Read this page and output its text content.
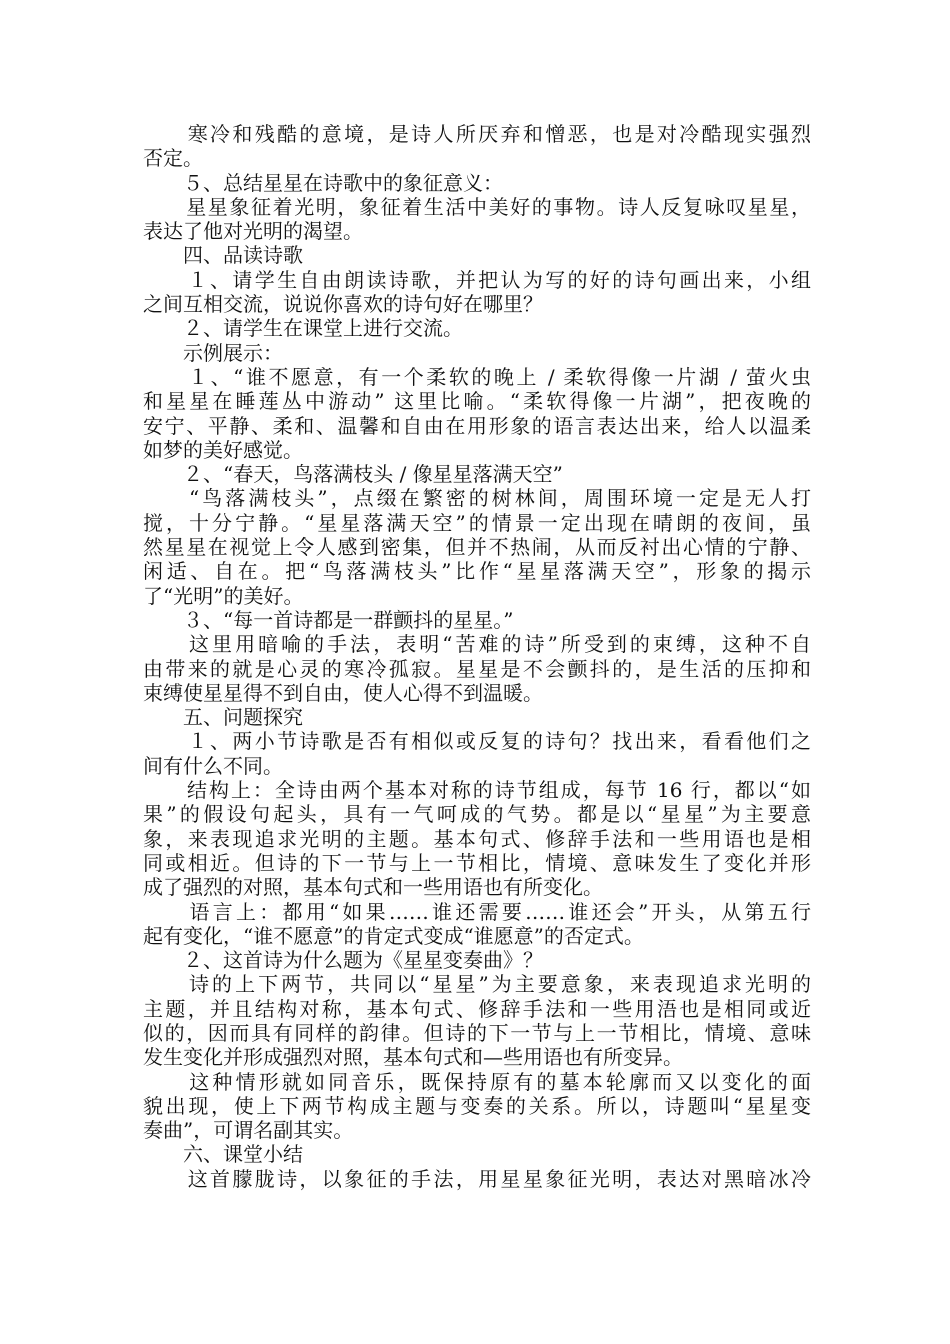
　　寒冷和残酷的意境，是诗人所厌弃和憎恶，也是对冷酷现实强烈
否定。
　　５、总结星星在诗歌中的象征意义：
　　星星象征着光明，象征着生活中美好的事物。诗人反复咏叹星星，
表达了他对光明的渴望。
　　四、品读诗歌
　　１、请学生自由朗读诗歌，并把认为写的好的诗句画出来，小组
之间互相交流，说说你喜欢的诗句好在哪里？
　　２、请学生在课堂上进行交流。
　　示例展示：
　　１、“谁不愿意，有一个柔软的晚上 / 柔软得像一片湖 / 萤火虫
和星星在睡莲丛中游动” 这里比喻。“柔软得像一片湖”，把夜晚的
安宁、平静、柔和、温馨和自由在用形象的语言表达出来，给人以温柔
如梦的美好感觉。
　　２、“春天，鸟落满枝头 / 像星星落满天空”
　　“鸟落满枝头”，点缀在繁密的树林间，周围环境一定是无人打
搅，十分宁静。“星星落满天空”的情景一定出现在晴朗的夜间，虽
然星星在视觉上令人感到密集，但并不热闹，从而反衬出心情的宁静、
闲适、自在。把“鸟落满枝头”比作“星星落满天空”，形象的揭示
了“光明”的美好。
　　３、“每一首诗都是一群颤抖的星星。”
　　这里用暗喻的手法，表明“苦难的诗”所受到的束缚，这种不自
由带来的就是心灵的寒冷孤寂。星星是不会颤抖的，是生活的压抑和
束缚使星星得不到自由，使人心得不到温暖。
　　五、问题探究
　　１、两小节诗歌是否有相似或反复的诗句？找出来，看看他们之
间有什么不同。
　　结构上：全诗由两个基本对称的诗节组成，每节 16 行，都以“如
果”的假设句起头，具有一气呵成的气势。都是以“星星”为主要意
象，来表现追求光明的主题。基本句式、修辞手法和一些用语也是相
同或相近。但诗的下一节与上一节相比，情境、意味发生了变化并形
成了强烈的对照，基本句式和一些用语也有所变化。
　　语言上：都用“如果……谁还需要……谁还会”开头，从第五行
起有变化，“谁不愿意”的肯定式变成“谁愿意”的否定式。
　　２、这首诗为什么题为《星星变奏曲》？
　　诗的上下两节，共同以“星星”为主要意象，来表现追求光明的
主题，并且结构对称，基本句式、修辞手法和一些用浯也是相同或近
似的，因而具有同样的韵律。但诗的下一节与上一节相比，情境、意味
发生变化并形成强烈对照，基本句式和—些用语也有所变异。
　　这种情形就如同音乐，既保持原有的墓本轮廓而又以变化的面
貌出现，使上下两节构成主题与变奏的关系。所以，诗题叫“星星变
奏曲”，可谓名副其实。
　　六、课堂小结
　　这首朦胧诗，以象征的手法，用星星象征光明，表达对黑暗冰冷
